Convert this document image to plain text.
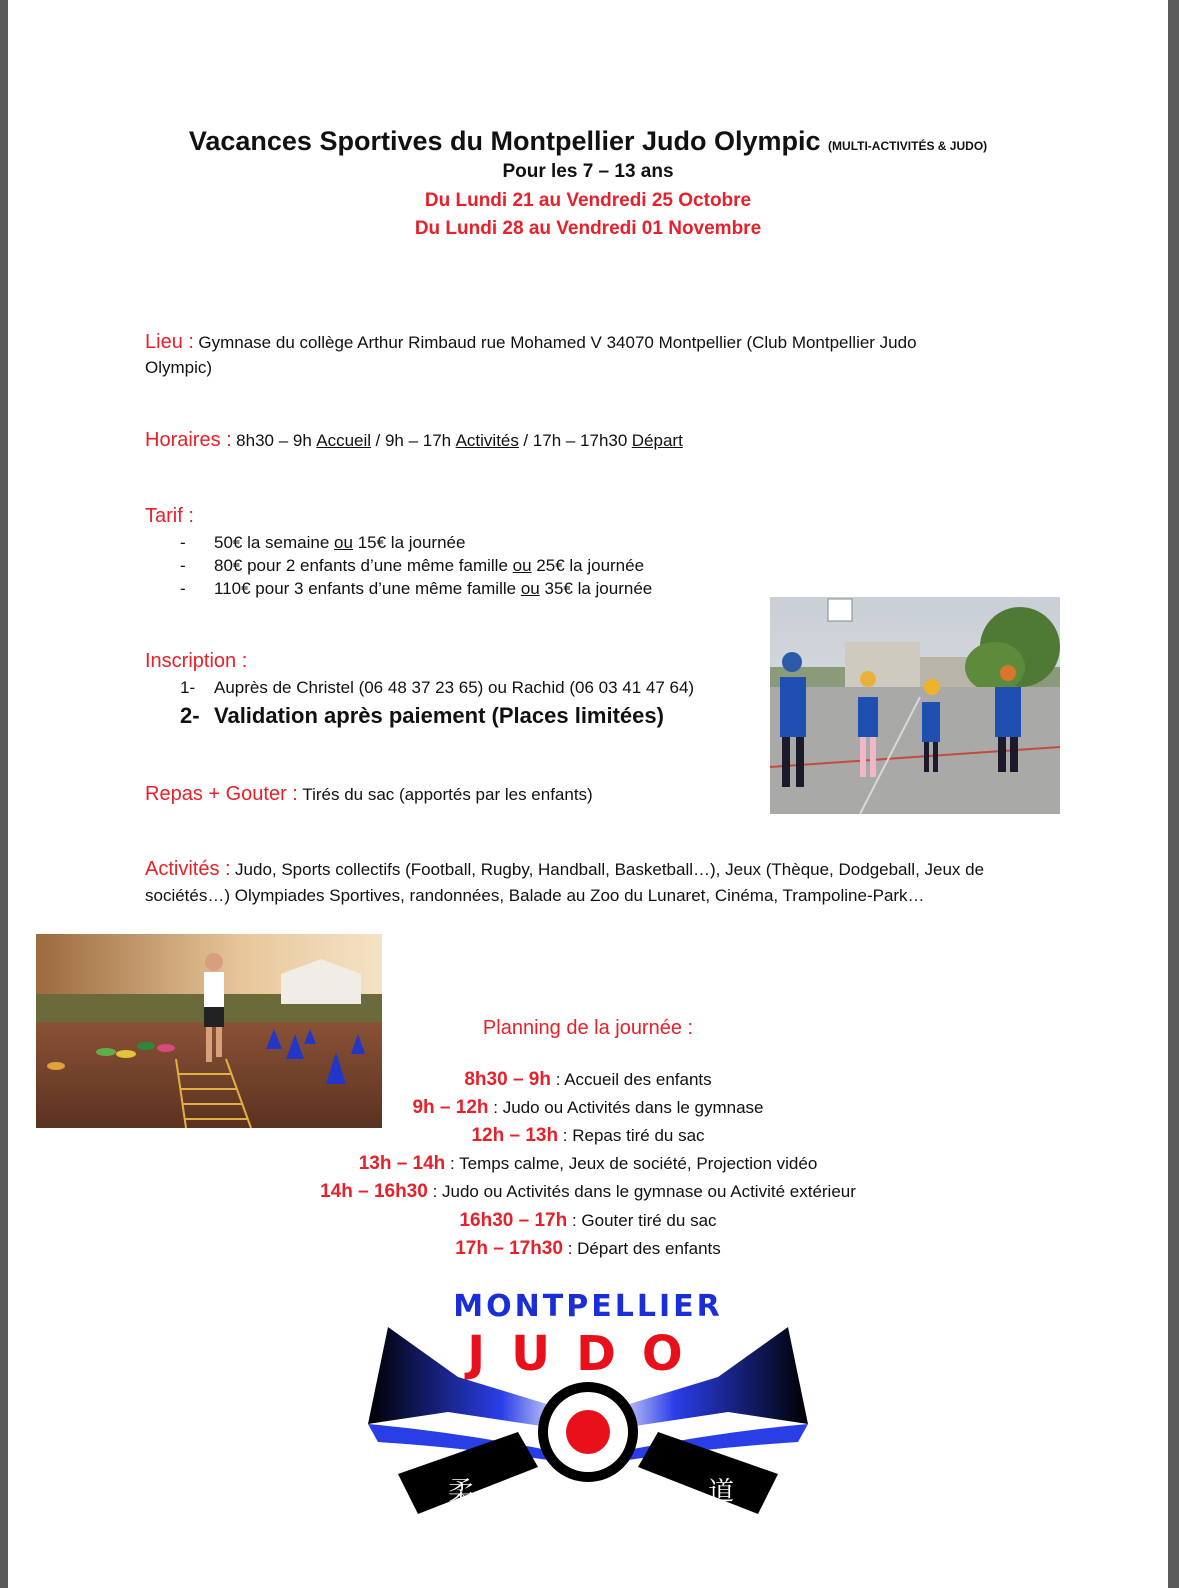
Vacances Sportives du Montpellier Judo Olympic (MULTI-ACTIVITÉS & JUDO)
Pour les 7 – 13 ans
Du Lundi 21 au Vendredi 25 Octobre
Du Lundi 28 au Vendredi 01 Novembre
Lieu : Gymnase du collège Arthur Rimbaud rue Mohamed V 34070 Montpellier (Club Montpellier Judo
Olympic)
Horaires : 8h30 – 9h Accueil / 9h – 17h Activités / 17h – 17h30 Départ
Tarif :
- 50€ la semaine ou 15€ la journée
- 80€ pour 2 enfants d’une même famille ou 25€ la journée
- 110€ pour 3 enfants d’une même famille ou 35€ la journée
Inscription :
1- Auprès de Christel (06 48 37 23 65) ou Rachid (06 03 41 47 64)
2- Validation après paiement (Places limitées)
Repas + Gouter : Tirés du sac (apportés par les enfants)
Activités : Judo, Sports collectifs (Football, Rugby, Handball, Basketball…), Jeux (Thèque, Dodgeball, Jeux de
sociétés…) Olympiades Sportives, randonnées, Balade au Zoo du Lunaret, Cinéma, Trampoline-Park…
Planning de la journée :
8h30 – 9h : Accueil des enfants
9h – 12h : Judo ou Activités dans le gymnase
12h – 13h : Repas tiré du sac
13h – 14h : Temps calme, Jeux de société, Projection vidéo
14h – 16h30 : Judo ou Activités dans le gymnase ou Activité extérieur
16h30 – 17h : Gouter tiré du sac
17h – 17h30 : Départ des enfants
MONTPELLIER
JUDO
柔	道
